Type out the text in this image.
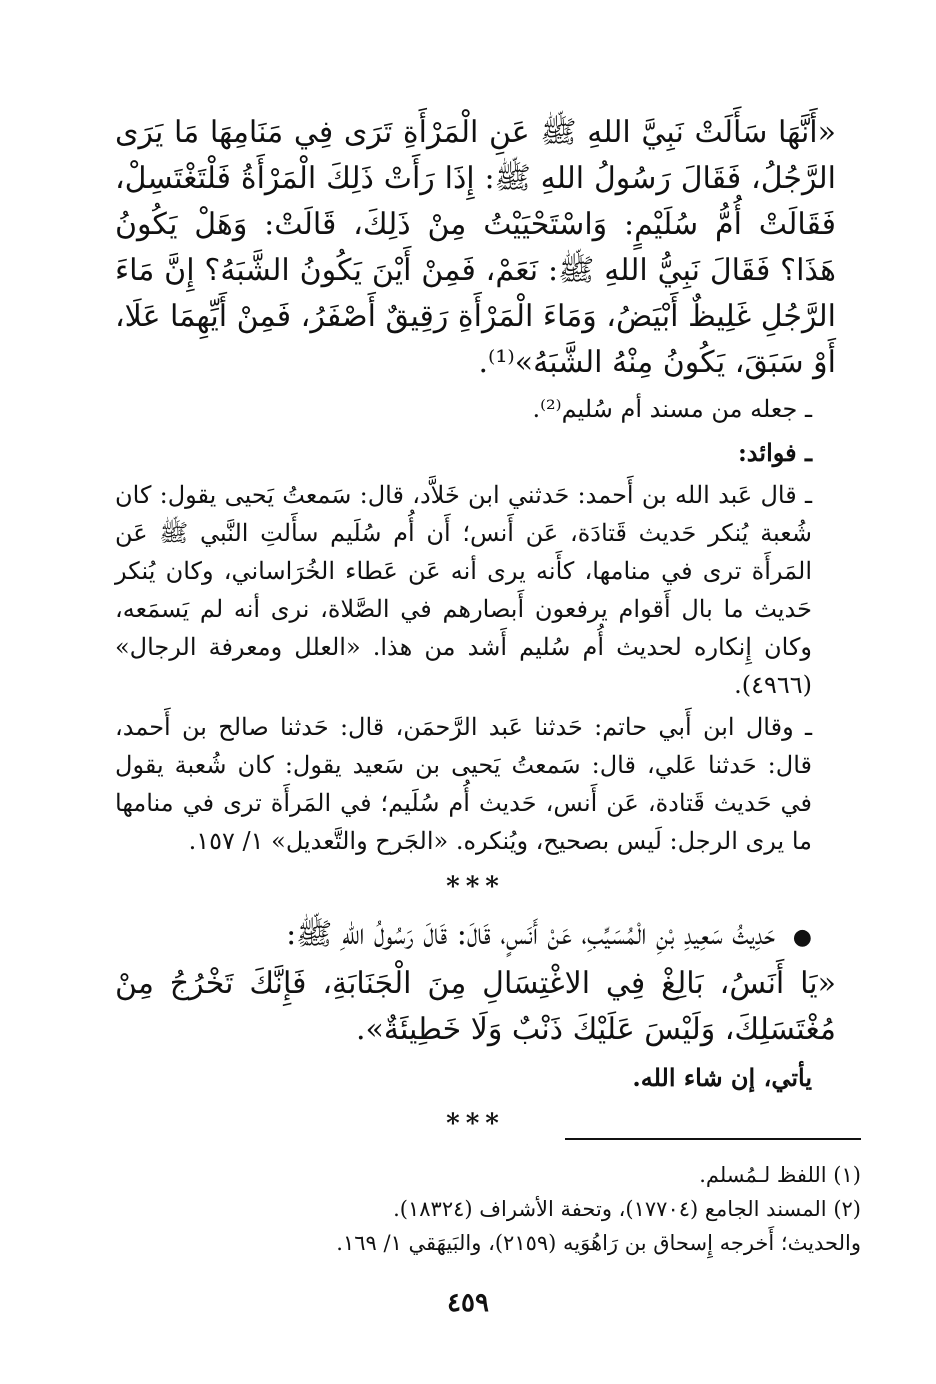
«أَنَّهَا سَأَلَتْ نَبِيَّ اللهِ ﷺ عَنِ الْمَرْأَةِ تَرَى فِي مَنَامِهَا مَا يَرَى الرَّجُلُ، فَقَالَ رَسُولُ اللهِ ﷺ: إِذَا رَأَتْ ذَلِكَ الْمَرْأَةُ فَلْتَغْتَسِلْ، فَقَالَتْ أُمُّ سُلَيْمٍ: وَاسْتَحْيَيْتُ مِنْ ذَلِكَ، قَالَتْ: وَهَلْ يَكُونُ هَذَا؟ فَقَالَ نَبِيُّ اللهِ ﷺ: نَعَمْ، فَمِنْ أَيْنَ يَكُونُ الشَّبَهُ؟ إِنَّ مَاءَ الرَّجُلِ غَلِيظٌ أَبْيَضُ، وَمَاءَ الْمَرْأَةِ رَقِيقٌ أَصْفَرُ، فَمِنْ أَيِّهِمَا عَلَا، أَوْ سَبَقَ، يَكُونُ مِنْهُ الشَّبَهُ»⁽¹⁾.

ـ جعله من مسند أم سُليم⁽²⁾.

ـ فوائد:

ـ قال عَبد الله بن أَحمد: حَدثني ابن خَلاَّد، قال: سَمعتُ يَحيى يقول: كان شُعبة يُنكر حَديث قَتادَة، عَن أَنس؛ أَن أُم سُلَيم سأَلتِ النَّبي ﷺ عَن المَرأَة ترى في منامها، كأَنه يرى أنه عَن عَطاء الخُرَاساني، وكان يُنكر حَديث ما بال أَقوام يرفعون أَبصارهم في الصَّلاة، نرى أنه لم يَسمَعه، وكان إِنكاره لحديث أُم سُليم أَشد من هذا. «العلل ومعرفة الرجال» (٤٩٦٦).

ـ وقال ابن أَبي حاتم: حَدثنا عَبد الرَّحمَن، قال: حَدثنا صالح بن أَحمد، قال: حَدثنا عَلي، قال: سَمعتُ يَحيى بن سَعيد يقول: كان شُعبة يقول في حَديث قَتادة، عَن أَنس، حَديث أُم سُلَيم؛ في المَرأَة ترى في منامها ما يرى الرجل: لَيس بصحيح، ويُنكره. «الجَرح والتَّعديل» ١/ ١٥٧.

***

● حَدِيثُ سَعِيدِ بْنِ الْمُسَيِّبِ، عَنْ أَنَسٍ، قَالَ: قَالَ رَسُولُ اللهِ ﷺ:

«يَا أَنَسُ، بَالِغْ فِي الاغْتِسَالِ مِنَ الْجَنَابَةِ، فَإِنَّكَ تَخْرُجُ مِنْ مُغْتَسَلِكَ، وَلَيْسَ عَلَيْكَ ذَنْبٌ وَلَا خَطِيئَةٌ».

يأتي، إن شاء الله.

***

(١) اللفظ لـمُسلم.

(٢) المسند الجامع (١٧٧٠٤)، وتحفة الأشراف (١٨٣٢٤).

والحديث؛ أَخرجه إِسحاق بن رَاهُوَيه (٢١٥٩)، والبَيهَقي ١/ ١٦٩.

٤٥٩
